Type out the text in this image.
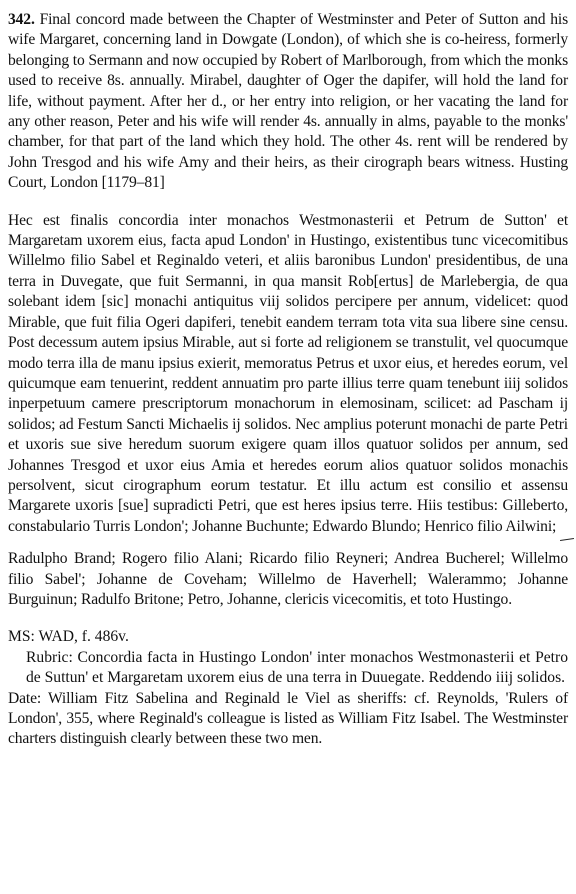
342. Final concord made between the Chapter of Westminster and Peter of Sutton and his wife Margaret, concerning land in Dowgate (London), of which she is co-heiress, formerly belonging to Sermann and now occupied by Robert of Marlborough, from which the monks used to receive 8s. annually. Mirabel, daughter of Oger the dapifer, will hold the land for life, without payment. After her d., or her entry into religion, or her vacating the land for any other reason, Peter and his wife will render 4s. annually in alms, payable to the monks' chamber, for that part of the land which they hold. The other 4s. rent will be rendered by John Tresgod and his wife Amy and their heirs, as their cirograph bears witness. Husting Court, London [1179–81]

Hec est finalis concordia inter monachos Westmonasterii et Petrum de Sutton' et Margaretam uxorem eius, facta apud London' in Hustingo, existentibus tunc vicecomitibus Willelmo filio Sabel et Reginaldo veteri, et aliis baronibus Lundon' presidentibus, de una terra in Duvegate, que fuit Sermanni, in qua mansit Rob[ertus] de Marlebergia, de qua solebant idem [sic] monachi antiquitus viij solidos percipere per annum, videlicet: quod Mirable, que fuit filia Ogeri dapiferi, tenebit eandem terram tota vita sua libere sine censu. Post decessum autem ipsius Mirable, aut si forte ad religionem se transtulit, vel quocumque modo terra illa de manu ipsius exierit, memoratus Petrus et uxor eius, et heredes eorum, vel quicumque eam tenuerint, reddent annuatim pro parte illius terre quam tenebunt iiij solidos inperpetuum camere prescriptorum monachorum in elemosinam, scilicet: ad Pascham ij solidos; ad Festum Sancti Michaelis ij solidos. Nec amplius poterunt monachi de parte Petri et uxoris sue sive heredum suorum exigere quam illos quatuor solidos per annum, sed Johannes Tresgod et uxor eius Amia et heredes eorum alios quatuor solidos monachis persolvent, sicut cirographum eorum testatur. Et illu actum est consilio et assensu Margarete uxoris [sue] supradicti Petri, que est heres ipsius terre. Hiis testibus: Gilleberto, constabulario Turris London'; Johanne Buchunte; Edwardo Blundo; Henrico filio Ailwini;

Radulpho Brand; Rogero filio Alani; Ricardo filio Reyneri; Andrea Bucherel; Willelmo filio Sabel'; Johanne de Coveham; Willelmo de Haverhell; Walerammo; Johanne Burguinun; Radulfo Britone; Petro, Johanne, clericis vicecomitis, et toto Hustingo.

MS: WAD, f. 486v.

Rubric: Concordia facta in Hustingo London' inter monachos Westmonasterii et Petro de Suttun' et Margaretam uxorem eius de una terra in Duuegate. Reddendo iiij solidos.

Date: William Fitz Sabelina and Reginald le Viel as sheriffs: cf. Reynolds, 'Rulers of London', 355, where Reginald's colleague is listed as William Fitz Isabel. The Westminster charters distinguish clearly between these two men.
